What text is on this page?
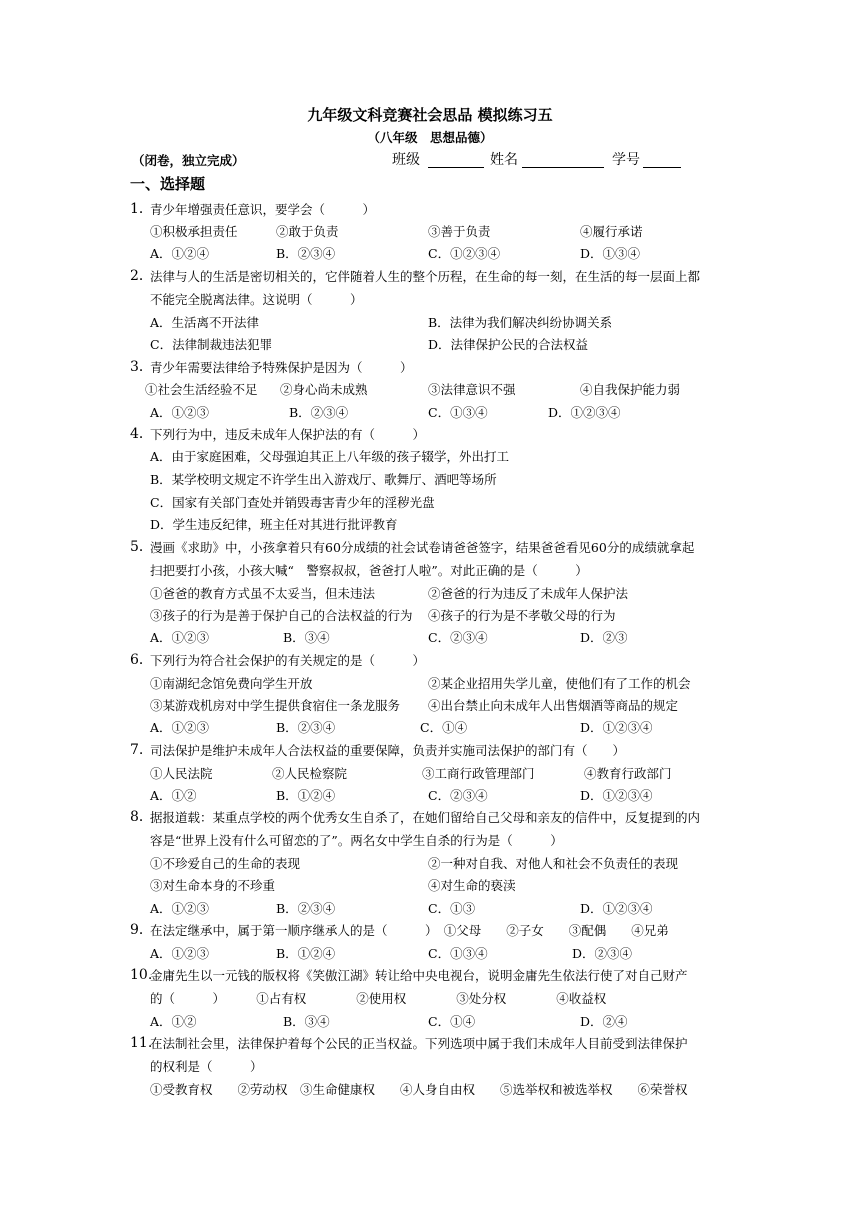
九年级文科竞赛社会思品 模拟练习五
（八年级　思想品德）
（闭卷，独立完成）	班级	姓名	学号
一、选择题
1．
青少年增强责任意识，要学会（　　　）
①积极承担责任	②敢于负责	③善于负责	④履行承诺
A．①②④	B．②③④	C．①②③④	D．①③④
2．
法律与人的生活是密切相关的，它伴随着人生的整个历程，在生命的每一刻，在生活的每一层面上都
不能完全脱离法律。这说明（　　　）
A．生活离不开法律	B．法律为我们解决纠纷协调关系
C．法律制裁违法犯罪	D．法律保护公民的合法权益
3．
青少年需要法律给予特殊保护是因为（　　　）
①社会生活经验不足 ②身心尚未成熟	③法律意识不强	④自我保护能力弱
A．①②③	B．②③④	C．①③④	D．①②③④
4．
下列行为中，违反未成年人保护法的有（　　　）
A．由于家庭困难，父母强迫其正上八年级的孩子辍学，外出打工
B．某学校明文规定不许学生出入游戏厅、歌舞厅、酒吧等场所
C．国家有关部门查处并销毁毒害青少年的淫秽光盘
D．学生违反纪律，班主任对其进行批评教育
5．
漫画《求助》中，小孩拿着只有60分成绩的社会试卷请爸爸签字，结果爸爸看见60分的成绩就拿起
扫把要打小孩，小孩大喊“　警察叔叔，爸爸打人啦”。对此正确的是（　　　）
①爸爸的教育方式虽不太妥当，但未违法	②爸爸的行为违反了未成年人保护法
③孩子的行为是善于保护自己的合法权益的行为 ④孩子的行为是不孝敬父母的行为
A．①②③	B．③④	C．②③④	D．②③
6．
下列行为符合社会保护的有关规定的是（　　　）
①南湖纪念馆免费向学生开放	②某企业招用失学儿童，使他们有了工作的机会
③某游戏机房对中学生提供食宿住一条龙服务 ④出台禁止向未成年人出售烟酒等商品的规定
A．①②③	B．②③④	C．①④	D．①②③④
7. 司法保护是维护未成年人合法权益的重要保障，负责并实施司法保护的部门有（　　）
①人民法院	②人民检察院	③工商行政管理部门	④教育行政部门
A．①②	B．①②④	C．②③④	D．①②③④
8．
据报道载：某重点学校的两个优秀女生自杀了，在她们留给自己父母和亲友的信件中，反复提到的内
容是“世界上没有什么可留恋的了”。两名女中学生自杀的行为是（　　　）
①不珍爱自己的生命的表现	②一种对自我、对他人和社会不负责任的表现
③对生命本身的不珍重	④对生命的亵渎
A．①②③	B．②③④	C．①③	D．①②③④
9．
在法定继承中，属于第一顺序继承人的是（　　　）　①父母　　②子女　　③配偶　　④兄弟
A．①②③	B．①②④	C．①③④	D．②③④
10.
金庸先生以一元钱的版权将《笑傲江湖》转让给中央电视台，说明金庸先生依法行使了对自己财产
的（　　　）　　　①占有权　　　　②使用权　　　　③处分权　　　　④收益权
A．①②	B．③④	C．①④	D．②④
11.
在法制社会里，法律保护着每个公民的正当权益。下列选项中属于我们未成年人目前受到法律保护
的权利是（　　　）
①受教育权　　②劳动权　③生命健康权　　④人身自由权　　⑤选举权和被选举权　　⑥荣誉权
